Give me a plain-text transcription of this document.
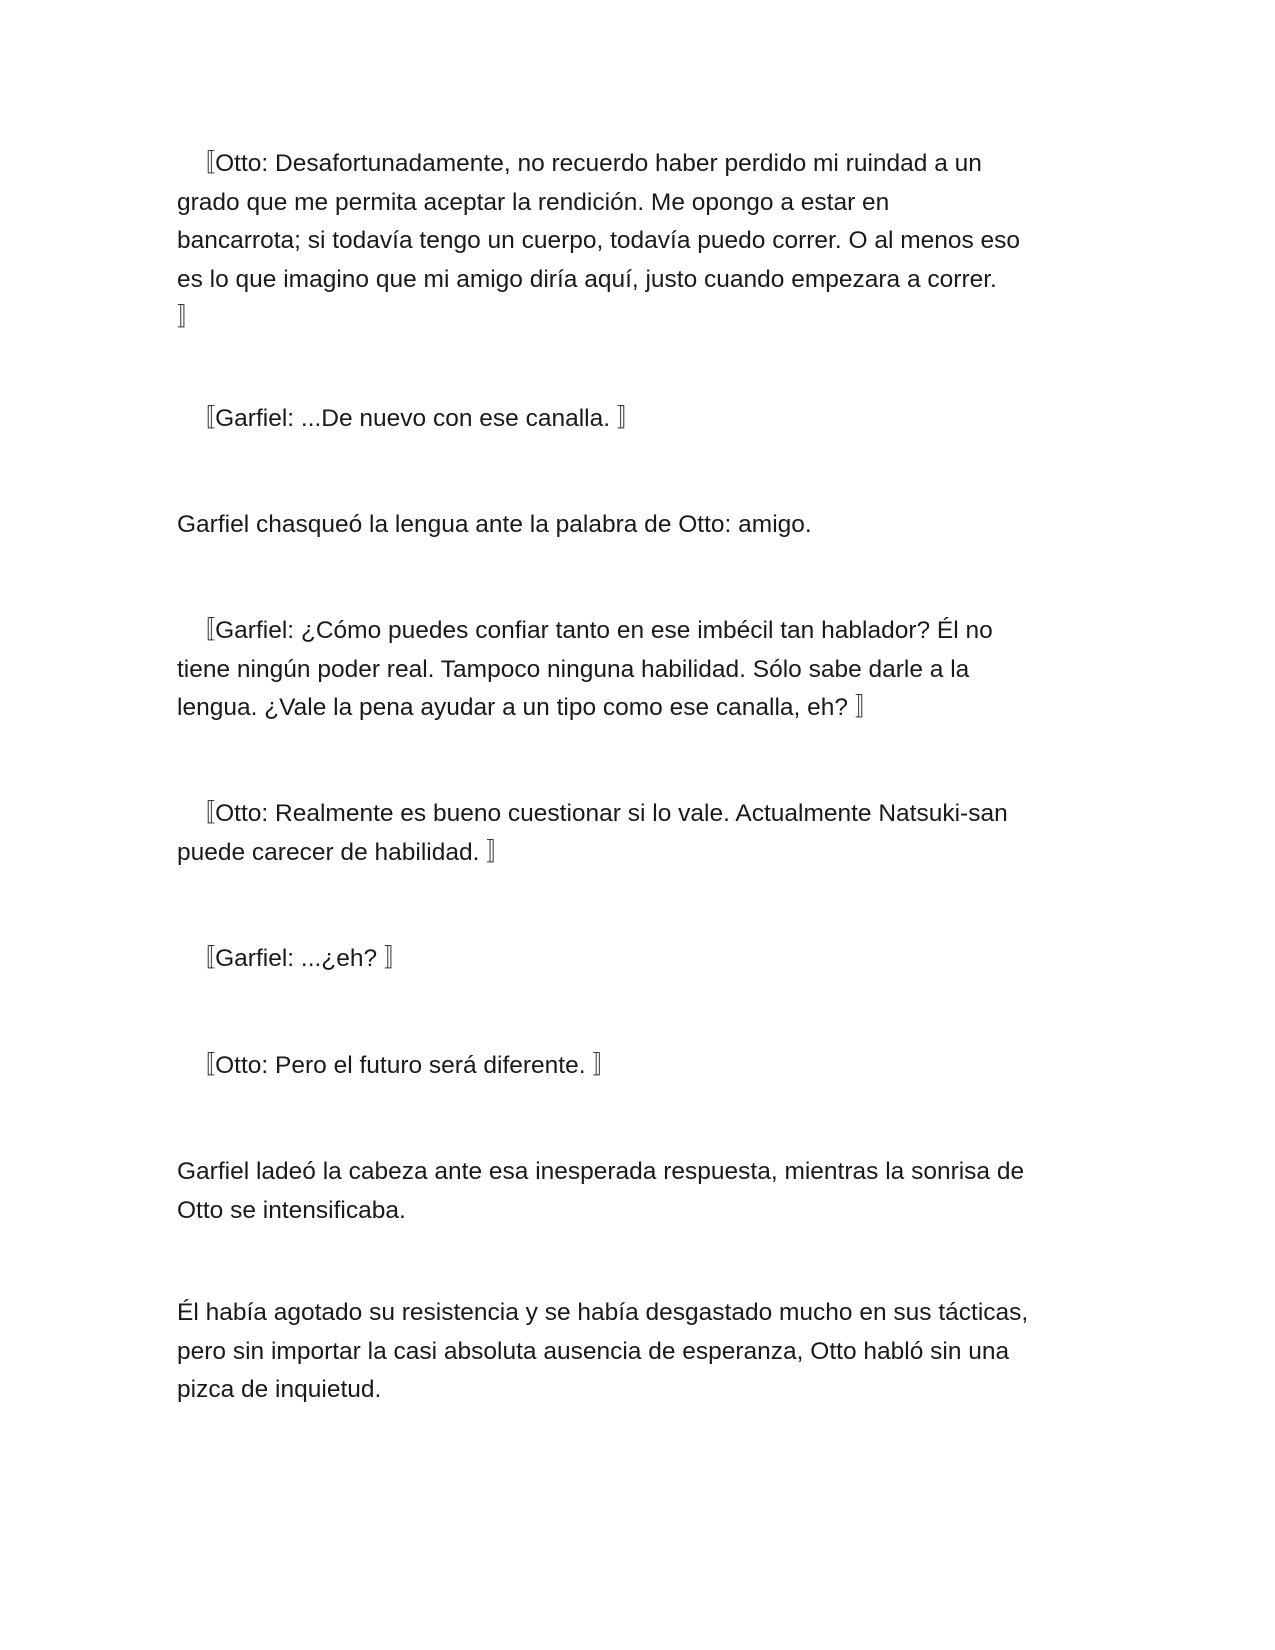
〚Otto: Desafortunadamente, no recuerdo haber perdido mi ruindad a un
grado que me permita aceptar la rendición. Me opongo a estar en
bancarrota; si todavía tengo un cuerpo, todavía puedo correr. O al menos eso
es lo que imagino que mi amigo diría aquí, justo cuando empezara a correr.
〛

〚Garfiel: ...De nuevo con ese canalla. 〛

Garfiel chasqueó la lengua ante la palabra de Otto: amigo.

〚Garfiel: ¿Cómo puedes confiar tanto en ese imbécil tan hablador? Él no
tiene ningún poder real. Tampoco ninguna habilidad. Sólo sabe darle a la
lengua. ¿Vale la pena ayudar a un tipo como ese canalla, eh? 〛

〚Otto: Realmente es bueno cuestionar si lo vale. Actualmente Natsuki-san
puede carecer de habilidad. 〛

〚Garfiel: ...¿eh? 〛

〚Otto: Pero el futuro será diferente. 〛

Garfiel ladeó la cabeza ante esa inesperada respuesta, mientras la sonrisa de
Otto se intensificaba.

Él había agotado su resistencia y se había desgastado mucho en sus tácticas,
pero sin importar la casi absoluta ausencia de esperanza, Otto habló sin una
pizca de inquietud.
